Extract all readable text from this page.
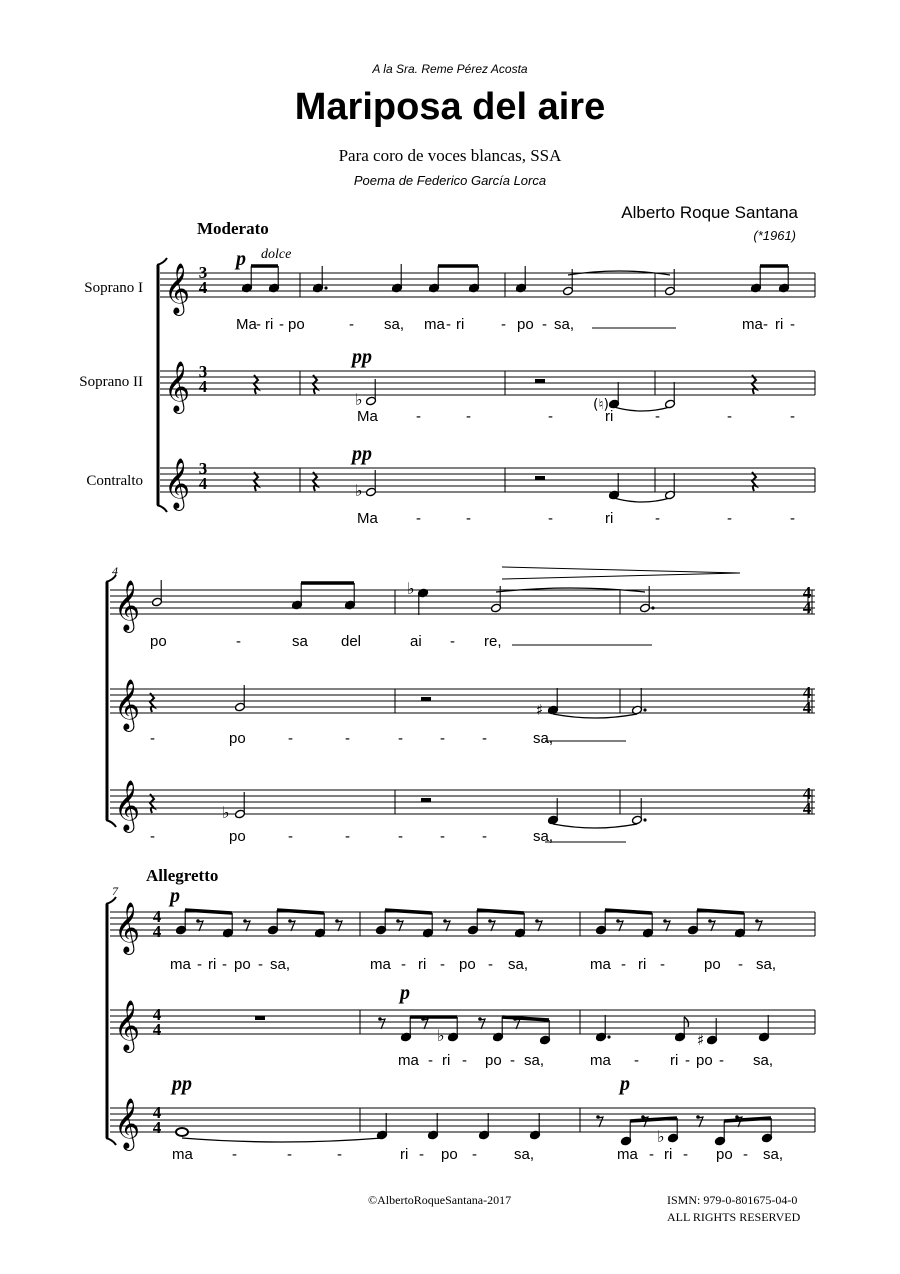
A la Sra. Reme Pérez Acosta
Mariposa del aire
Para coro de voces blancas, SSA
Poema de Federico García Lorca
Alberto Roque Santana
(*1961)
𝄞
𝄞
𝄞
♭	(♮)
♭
𝄞
𝄞
𝄞
♭
♯
♭
𝄞
𝄞
𝄞
♭	♯
♭
Moderato
Soprano I
Soprano II
Contralto
3
4
3
4
3
4
p dolce
pp
pp
Ma - ri - po	- sa, ma - ri - po - sa,	ma - ri -
Ma	-	-	-	ri	-	-	-
Ma	-	-	-	ri	-	-	-
4
4
4
4
4
4
4
po	-	sa del	ai - re,
-	po	-	-	- - -	sa,
-	po	-	-	- - -	sa,
Allegretto
7
4
4
4
4
4
4
p
p
pp	p
ma - ri - po - sa,	ma - ri - po - sa,	ma - ri -	po - sa,
ma - ri - po - sa,	ma - ri - po - sa,
ma	-	-	-	ri - po - sa,	ma - ri - po - sa,
©AlbertoRoqueSantana-2017	ISMN: 979-0-801675-04-0
ALL RIGHTS RESERVED
